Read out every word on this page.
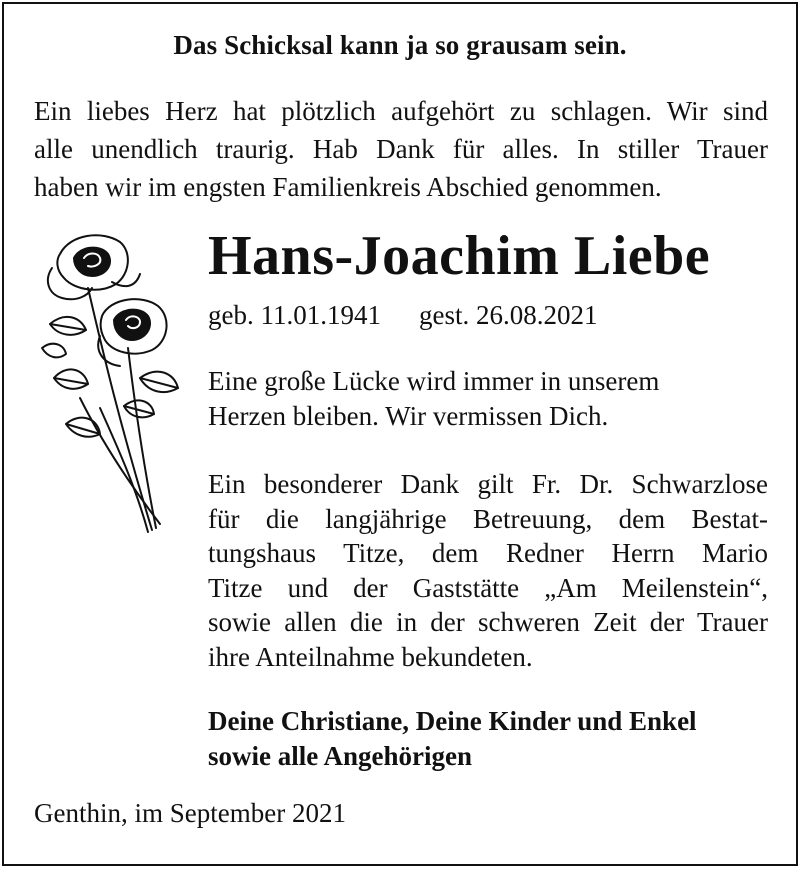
Das Schicksal kann ja so grausam sein.
Ein liebes Herz hat plötzlich aufgehört zu schlagen. Wir sind
alle unendlich traurig. Hab Dank für alles. In stiller Trauer
haben wir im engsten Familienkreis Abschied genommen.
Hans-Joachim Liebe
geb. 11.01.1941 gest. 26.08.2021
Eine große Lücke wird immer in unserem
Herzen bleiben. Wir vermissen Dich.
Ein besonderer Dank gilt Fr. Dr. Schwarzlose
für die langjährige Betreuung, dem Bestat-
tungshaus Titze, dem Redner Herrn Mario
Titze und der Gaststätte „Am Meilenstein“,
sowie allen die in der schweren Zeit der Trauer
ihre Anteilnahme bekundeten.
Deine Christiane, Deine Kinder und Enkel
sowie alle Angehörigen
Genthin, im September 2021
